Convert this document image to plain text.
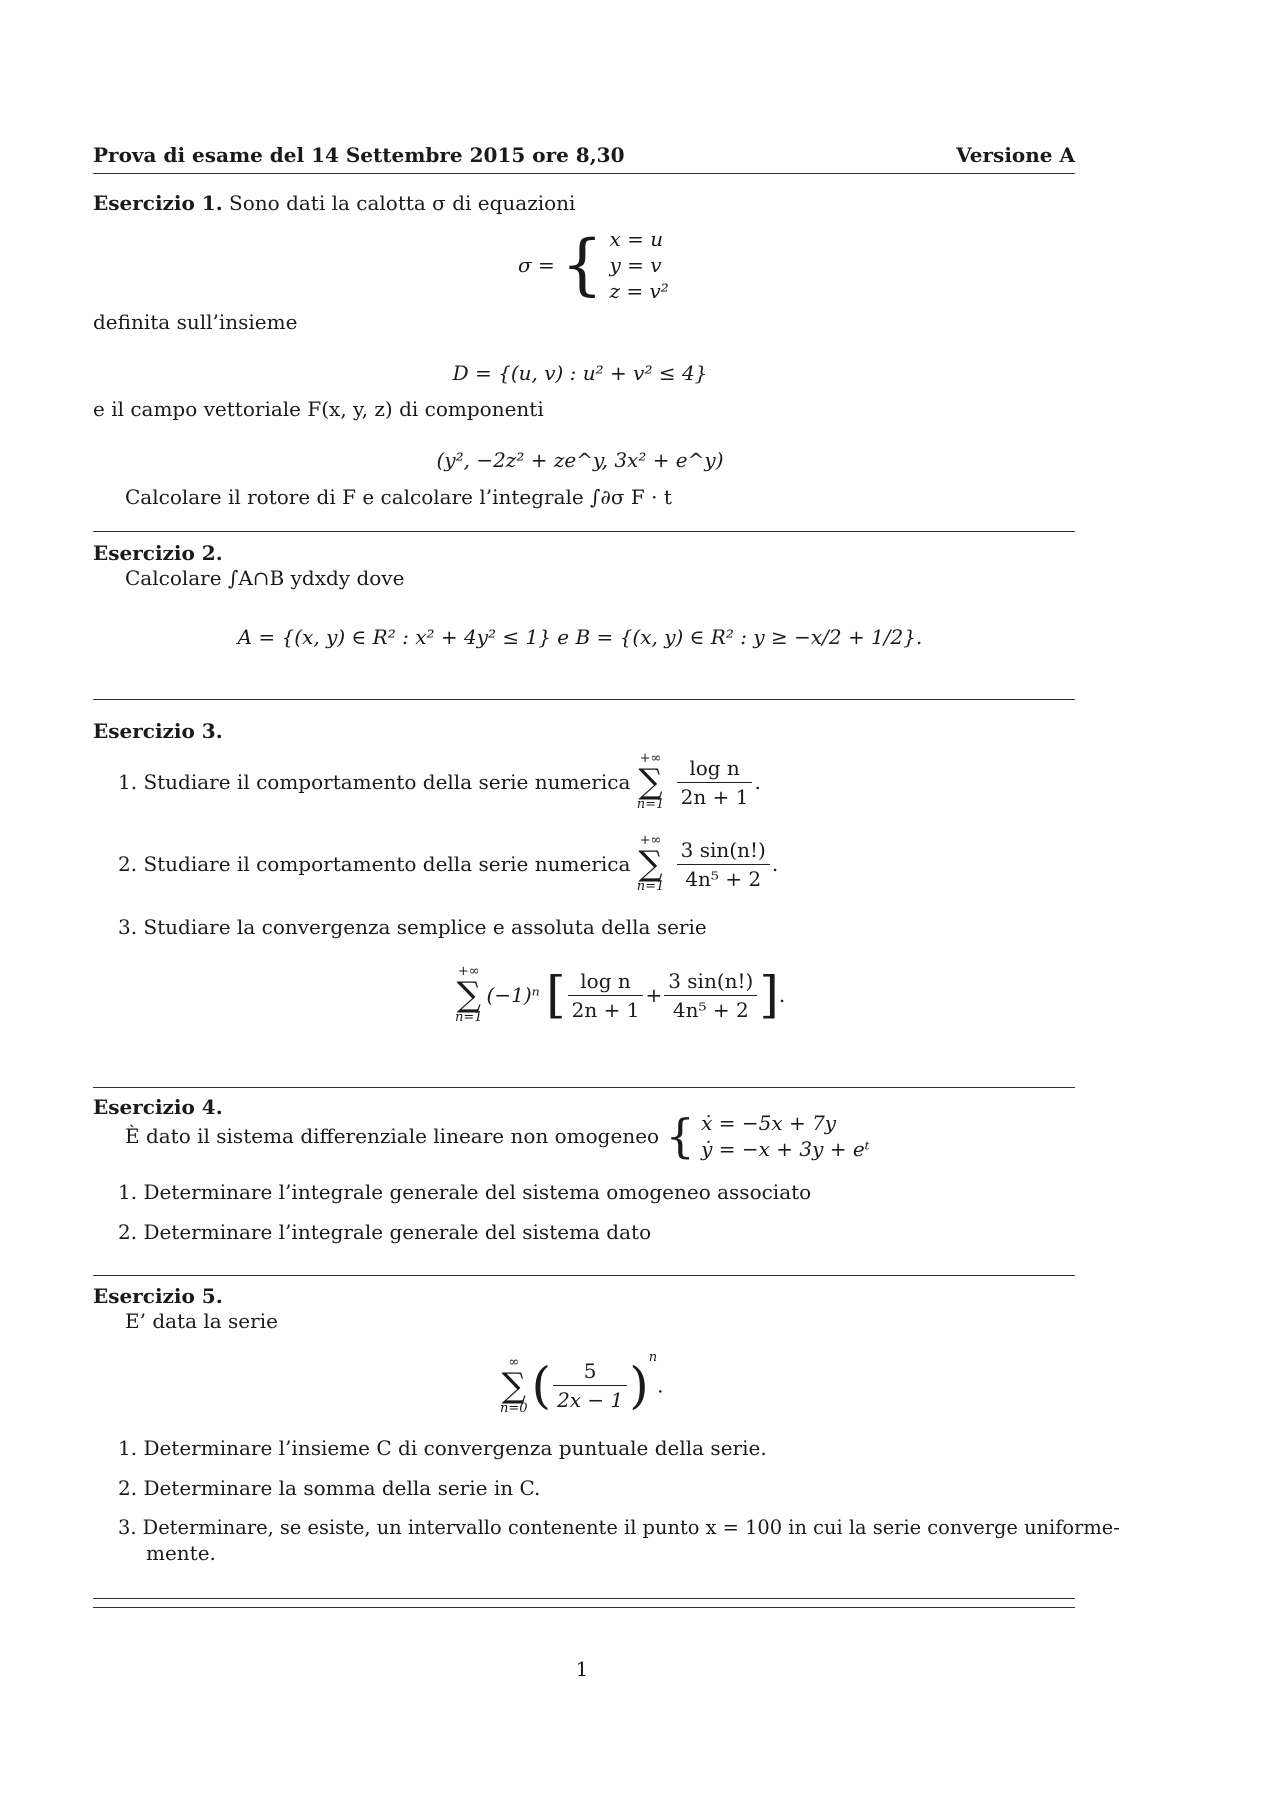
Prova di esame del 14 Settembre 2015 ore 8,30	Versione A
Esercizio 1. Sono dati la calotta σ di equazioni
σ = { x = u
y = v
z = v²
definita sull’insieme
D = {(u, v) : u² + v² ≤ 4}
e il campo vettoriale F(x, y, z) di componenti
(y², −2z² + ze^y, 3x² + e^y)
Calcolare il rotore di F e calcolare l’integrale ∫∂σ F · t
Esercizio 2.
Calcolare ∫A∩B ydxdy dove
A = {(x, y) ∈ R² : x² + 4y² ≤ 1} e B = {(x, y) ∈ R² : y ≥ −x/2 + 1/2}.
Esercizio 3.
1. Studiare il comportamento della serie numerica
+∞
∑
n=1
$\frac{\text{log n}}{2n + 1}$ .
2. Studiare il comportamento della serie numerica
+∞
∑
n=1
$\frac{3 \sin(n!)}{\text{4n⁵ + 2}}$ .
3. Studiare la convergenza semplice e assoluta della serie
+∞
∑
n=1
(−1)ⁿ [ $\frac{\text{log n}}{2n + 1} + \frac{3 \sin(n!)}{\text{4n⁵ + 2}}$ ].
Esercizio 4.
È dato il sistema differenziale lineare non omogeneo { ẋ = −5x + 7y
ẏ = −x + 3y + eᵗ
1. Determinare l’integrale generale del sistema omogeneo associato
2. Determinare l’integrale generale del sistema dato
Esercizio 5.
E’ data la serie
∞
∑
n=0 ( $\frac{5}{2x - 1} )^n$.
1. Determinare l’insieme C di convergenza puntuale della serie.
2. Determinare la somma della serie in C.
3. Determinare, se esiste, un intervallo contenente il punto x = 100 in cui la serie converge uniforme-
mente.
1
